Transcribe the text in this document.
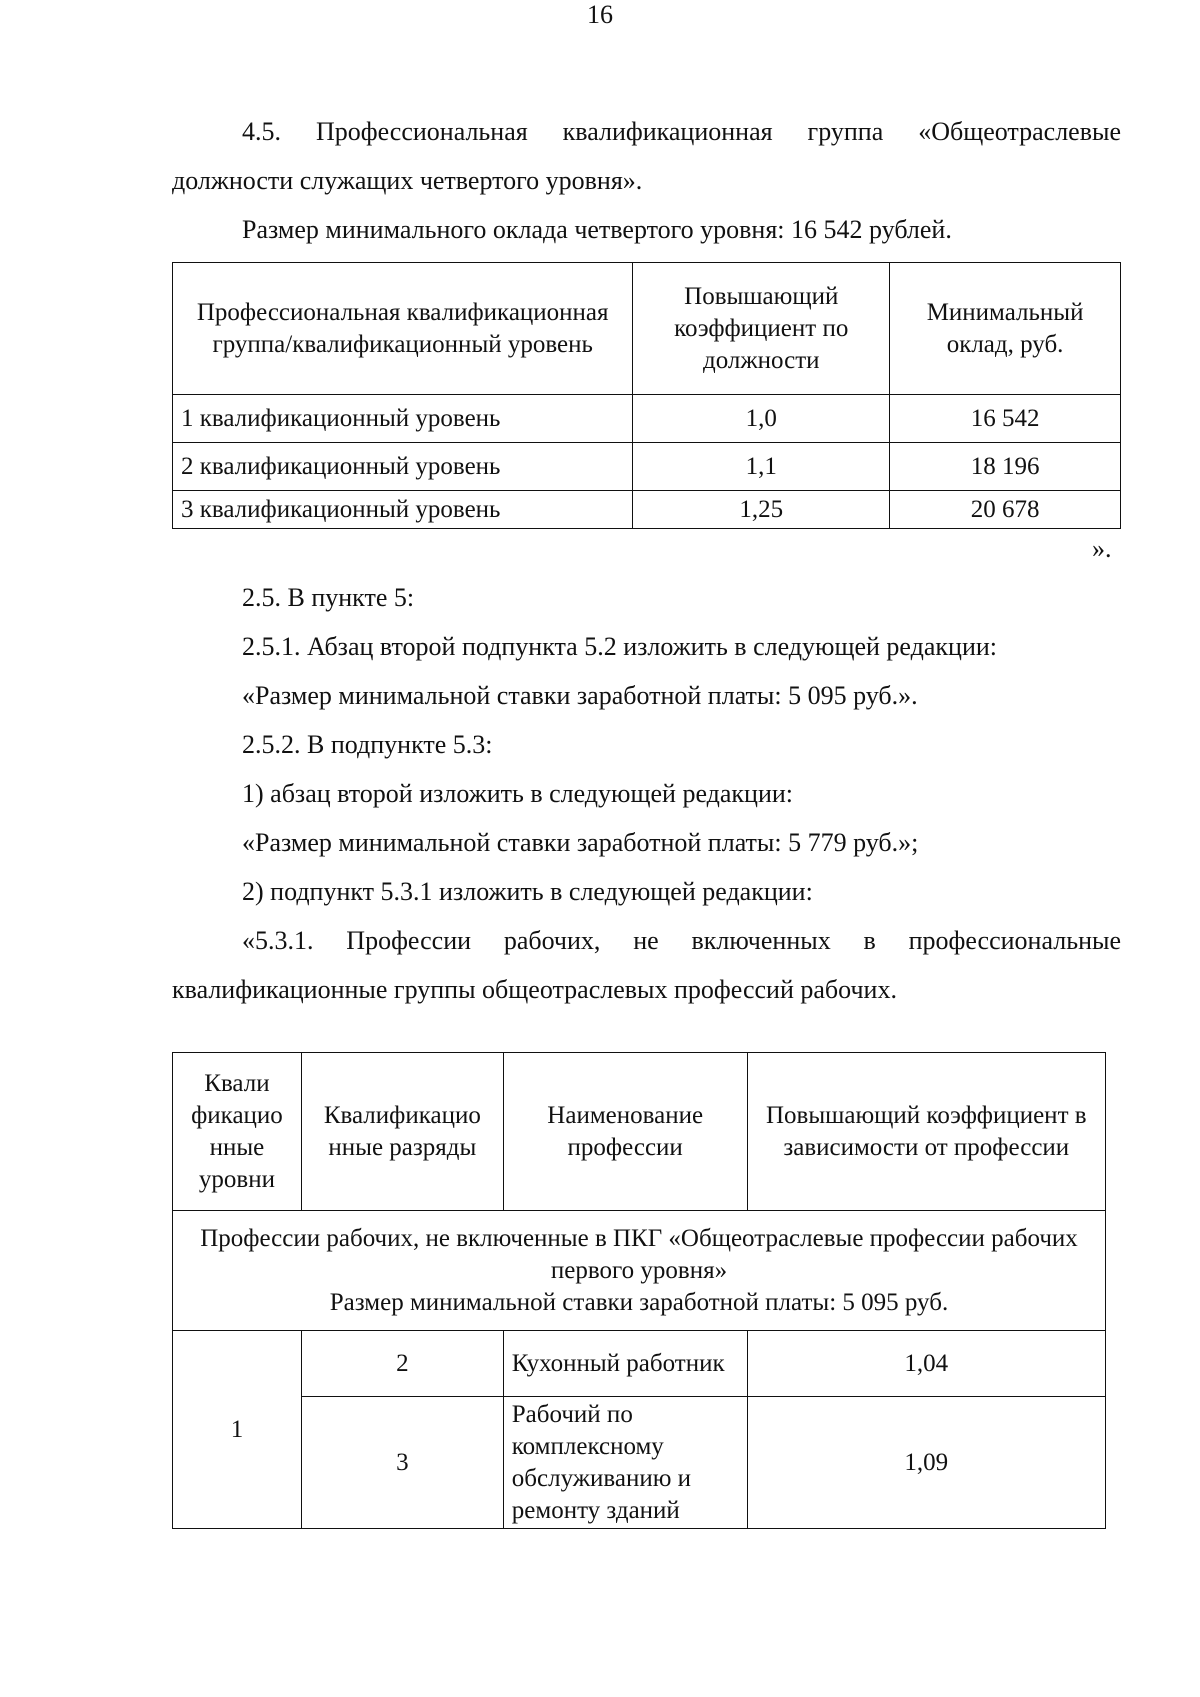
16
4.5. Профессиональная квалификационная группа «Общеотраслевые
должности служащих четвертого уровня».
Размер минимального оклада четвертого уровня: 16 542 рублей.
Профессиональная квалификационная группа/квалификационный уровень	Повышающий коэффициент по должности	Минимальный оклад, руб.
1 квалификационный уровень	1,0	16 542
2 квалификационный уровень	1,1	18 196
3 квалификационный уровень	1,25	20 678
».
2.5. В пункте 5:
2.5.1. Абзац второй подпункта 5.2 изложить в следующей редакции:
«Размер минимальной ставки заработной платы: 5 095 руб.».
2.5.2. В подпункте 5.3:
1) абзац второй изложить в следующей редакции:
«Размер минимальной ставки заработной платы: 5 779 руб.»;
2) подпункт 5.3.1 изложить в следующей редакции:
«5.3.1. Профессии рабочих, не включенных в профессиональные
квалификационные группы общеотраслевых профессий рабочих.
Квали фикацио нные уровни	Квалификацио нные разряды	Наименование профессии	Повышающий коэффициент в зависимости от профессии

Профессии рабочих, не включенные в ПКГ «Общеотраслевые профессии рабочих первого уровня»
Размер минимальной ставки заработной платы: 5 095 руб.			

1	2	Кухонный работник	1,04
	3	Рабочий по комплексному обслуживанию и ремонту зданий	1,09
